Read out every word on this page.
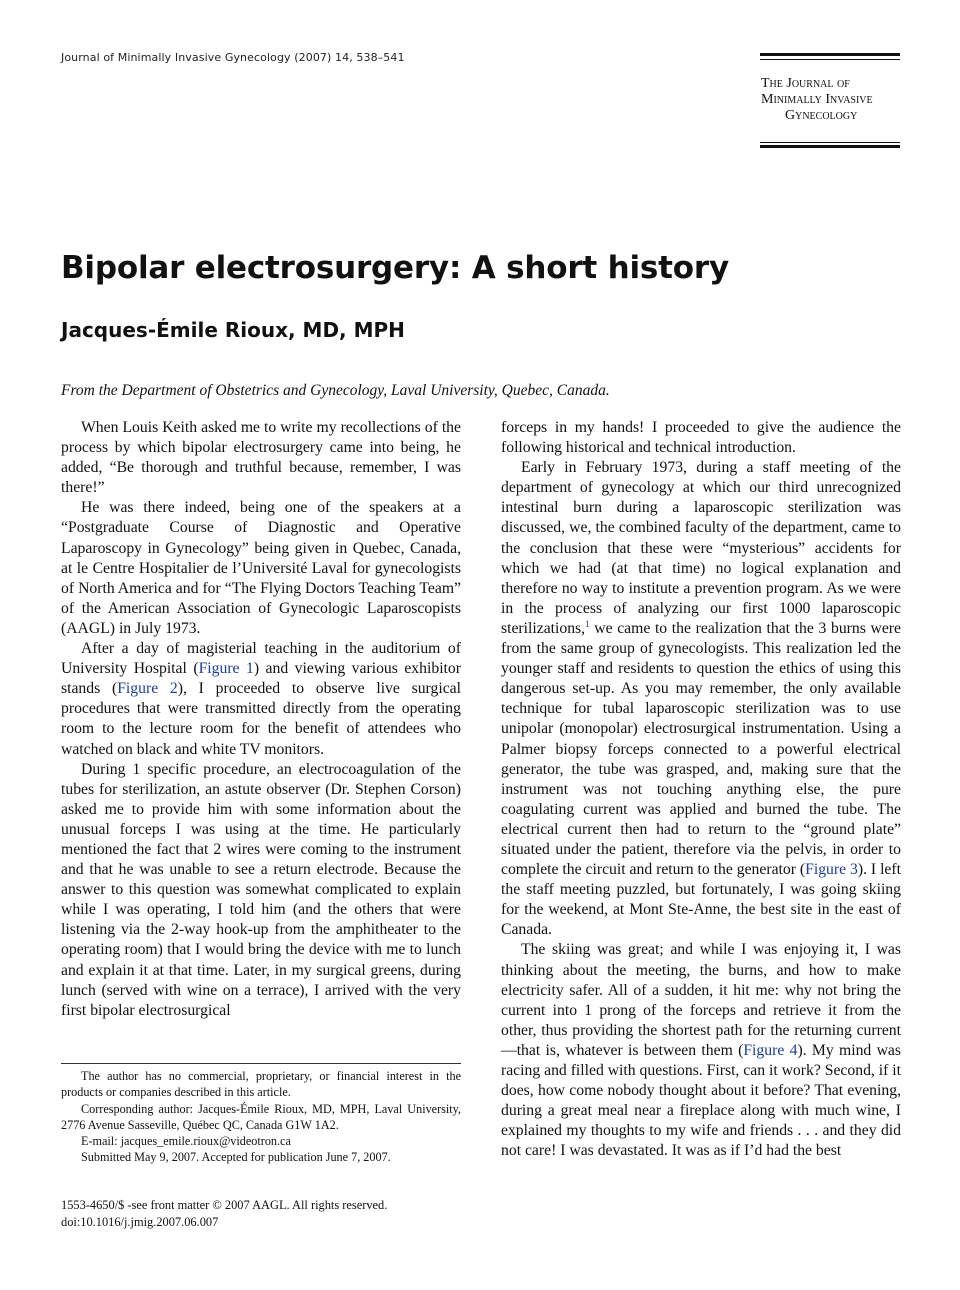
Journal of Minimally Invasive Gynecology (2007) 14, 538–541
The Journal of
Minimally Invasive
Gynecology
Bipolar electrosurgery: A short history
Jacques-Émile Rioux, MD, MPH
From the Department of Obstetrics and Gynecology, Laval University, Quebec, Canada.

When Louis Keith asked me to write my recollections of the process by which bipolar electrosurgery came into being, he added, “Be thorough and truthful because, remember, I was there!”

He was there indeed, being one of the speakers at a “Postgraduate Course of Diagnostic and Operative Laparoscopy in Gynecology” being given in Quebec, Canada, at le Centre Hospitalier de l’Université Laval for gynecologists of North America and for “The Flying Doctors Teaching Team” of the American Association of Gynecologic Laparoscopists (AAGL) in July 1973.

After a day of magisterial teaching in the auditorium of University Hospital (Figure 1) and viewing various exhibitor stands (Figure 2), I proceeded to observe live surgical procedures that were transmitted directly from the operating room to the lecture room for the benefit of attendees who watched on black and white TV monitors.

During 1 specific procedure, an electrocoagulation of the tubes for sterilization, an astute observer (Dr. Stephen Corson) asked me to provide him with some information about the unusual forceps I was using at the time. He particularly mentioned the fact that 2 wires were coming to the instrument and that he was unable to see a return electrode. Because the answer to this question was somewhat complicated to explain while I was operating, I told him (and the others that were listening via the 2-way hook-up from the amphitheater to the operating room) that I would bring the device with me to lunch and explain it at that time. Later, in my surgical greens, during lunch (served with wine on a terrace), I arrived with the very first bipolar electrosurgical

forceps in my hands! I proceeded to give the audience the following historical and technical introduction.

Early in February 1973, during a staff meeting of the department of gynecology at which our third unrecognized intestinal burn during a laparoscopic sterilization was discussed, we, the combined faculty of the department, came to the conclusion that these were “mysterious” accidents for which we had (at that time) no logical explanation and therefore no way to institute a prevention program. As we were in the process of analyzing our first 1000 laparoscopic sterilizations,$^1$ we came to the realization that the 3 burns were from the same group of gynecologists. This realization led the younger staff and residents to question the ethics of using this dangerous set-up. As you may remember, the only available technique for tubal laparoscopic sterilization was to use unipolar (monopolar) electrosurgical instrumentation. Using a Palmer biopsy forceps connected to a powerful electrical generator, the tube was grasped, and, making sure that the instrument was not touching anything else, the pure coagulating current was applied and burned the tube. The electrical current then had to return to the “ground plate” situated under the patient, therefore via the pelvis, in order to complete the circuit and return to the generator (Figure 3). I left the staff meeting puzzled, but fortunately, I was going skiing for the weekend, at Mont Ste-Anne, the best site in the east of Canada.

The skiing was great; and while I was enjoying it, I was thinking about the meeting, the burns, and how to make electricity safer. All of a sudden, it hit me: why not bring the current into 1 prong of the forceps and retrieve it from the other, thus providing the shortest path for the returning current—that is, whatever is between them (Figure 4). My mind was racing and filled with questions. First, can it work? Second, if it does, how come nobody thought about it before? That evening, during a great meal near a fireplace along with much wine, I explained my thoughts to my wife and friends . . . and they did not care! I was devastated. It was as if I’d had the best

The author has no commercial, proprietary, or financial interest in the products or companies described in this article.

Corresponding author: Jacques-Émile Rioux, MD, MPH, Laval University, 2776 Avenue Sasseville, Québec QC, Canada G1W 1A2.

E-mail: jacques_emile.rioux@videotron.ca

Submitted May 9, 2007. Accepted for publication June 7, 2007.

1553-4650/$ -see front matter © 2007 AAGL. All rights reserved.

doi:10.1016/j.jmig.2007.06.007
